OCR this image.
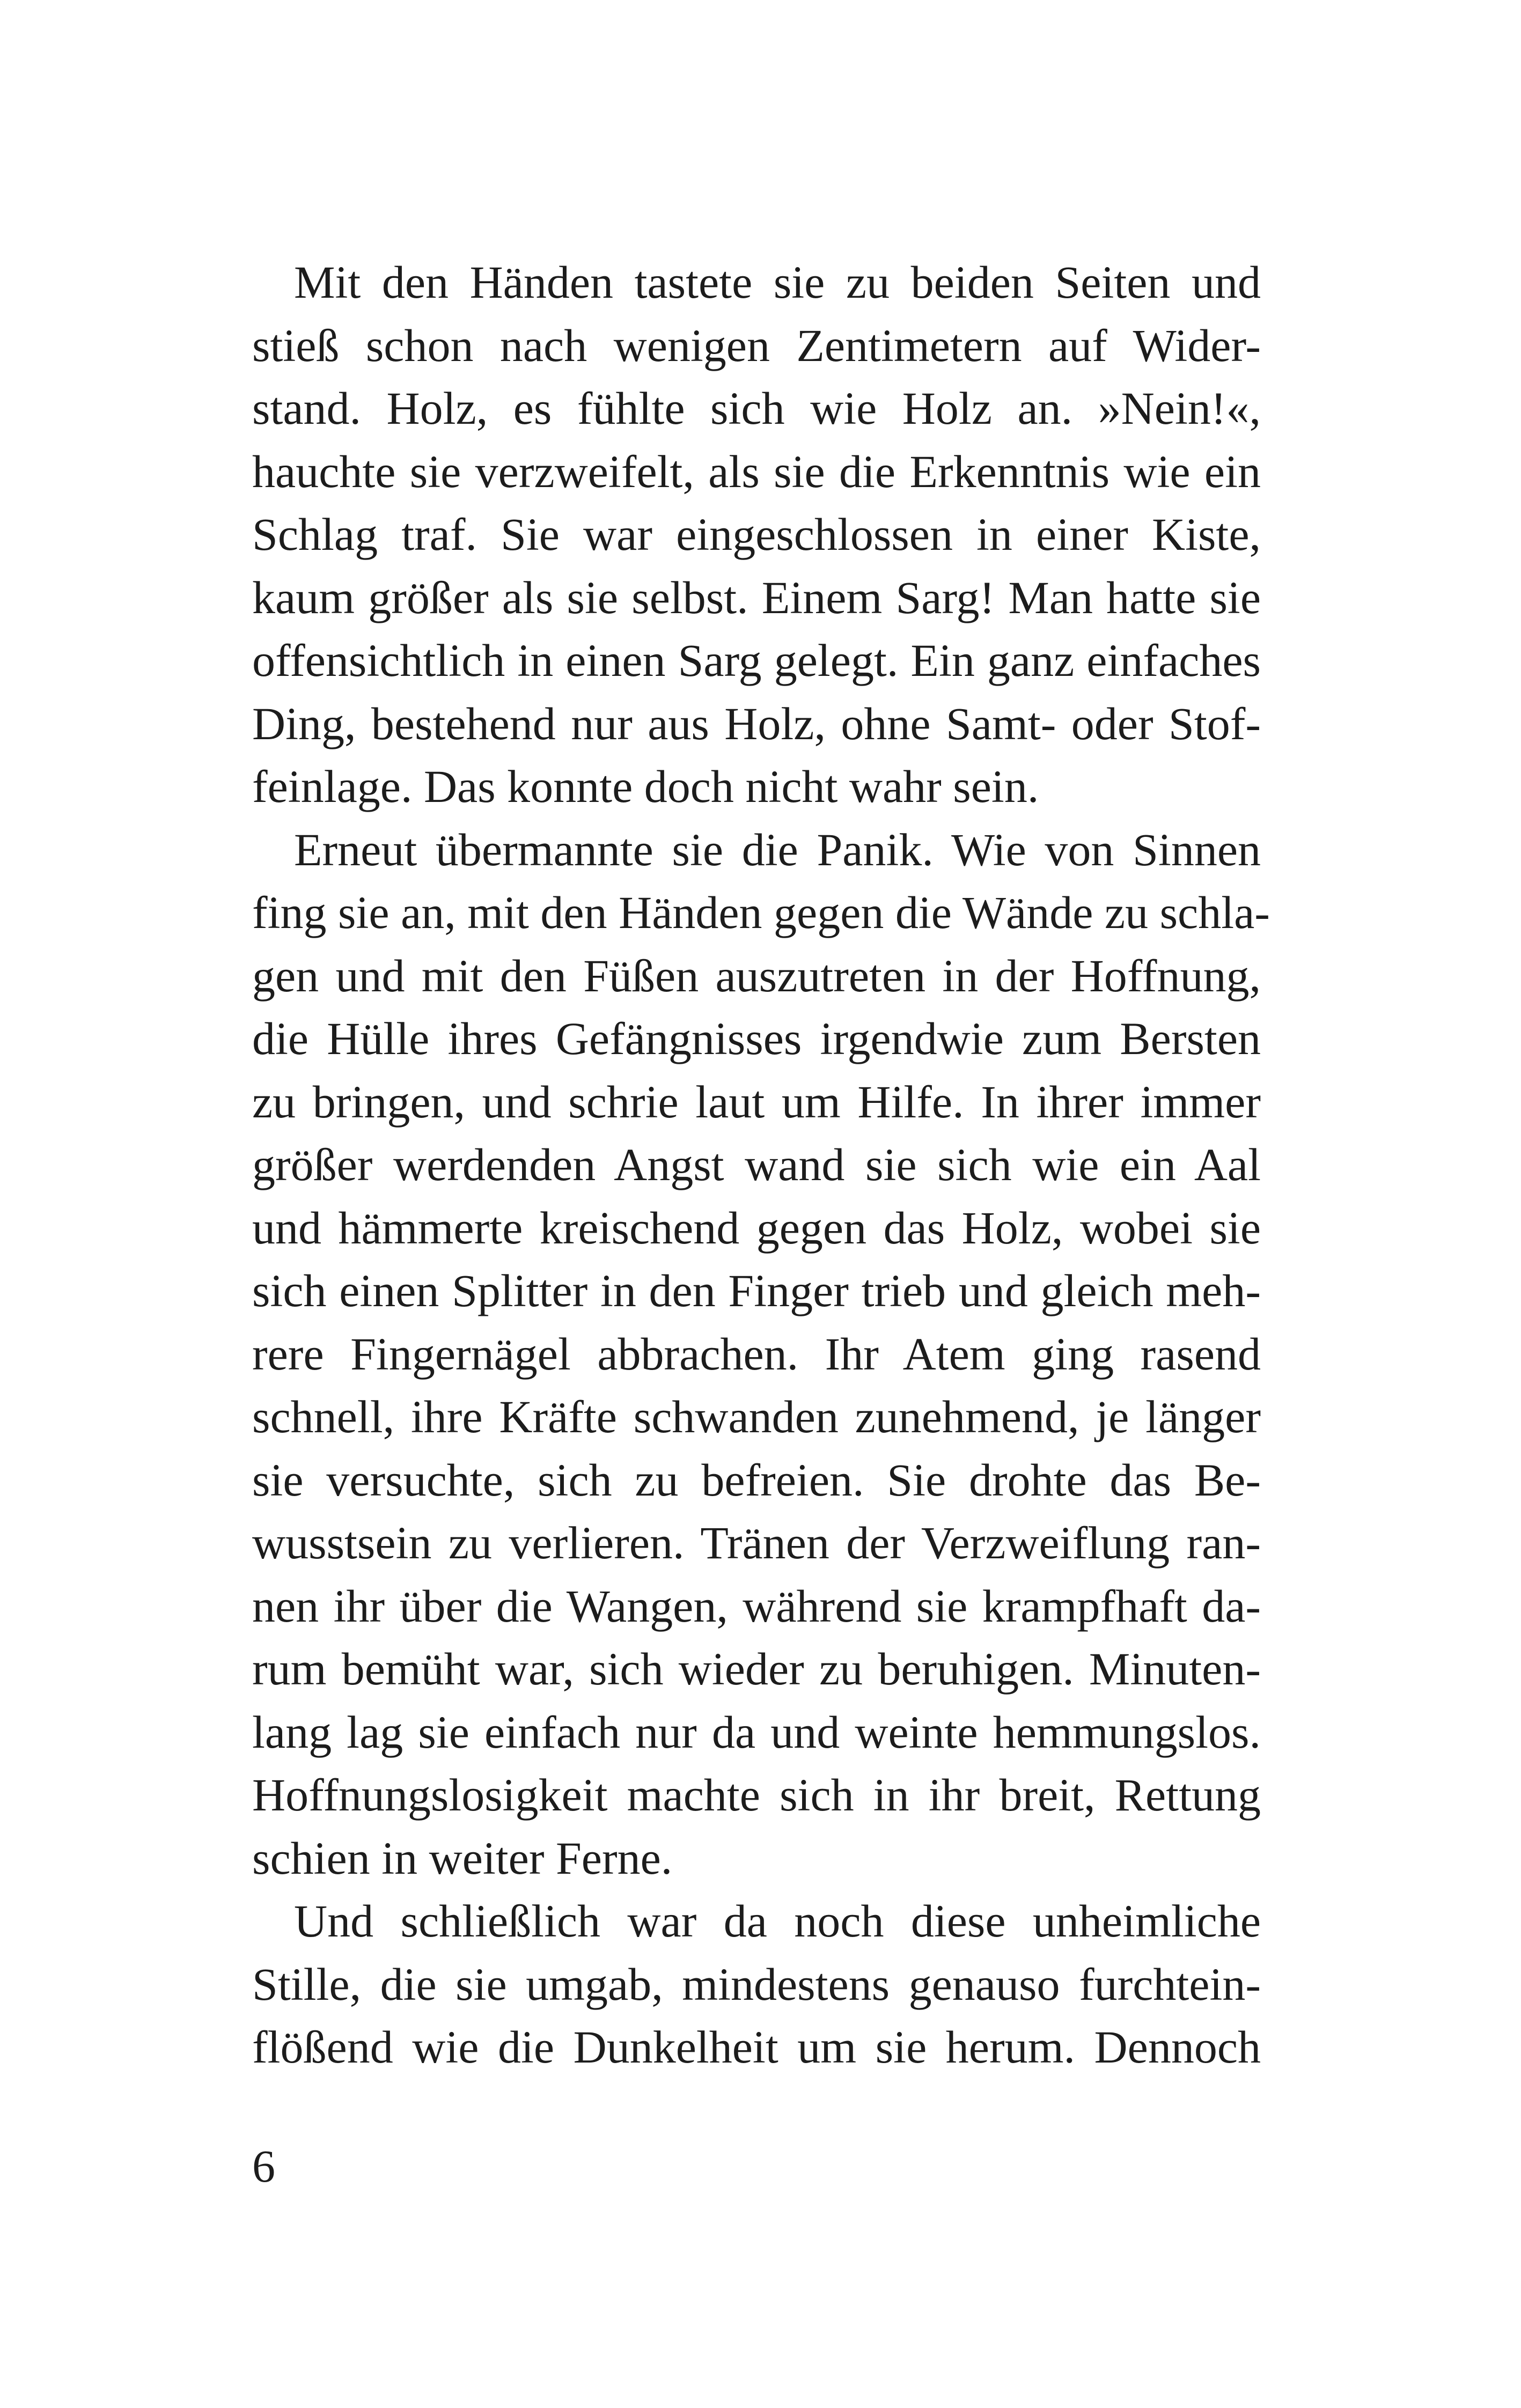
Mit den Händen tastete sie zu beiden Seiten und
stieß schon nach wenigen Zentimetern auf Wider-
stand. Holz, es fühlte sich wie Holz an. »Nein!«,
hauchte sie verzweifelt, als sie die Erkenntnis wie ein
Schlag traf. Sie war eingeschlossen in einer Kiste,
kaum größer als sie selbst. Einem Sarg! Man hatte sie
offensichtlich in einen Sarg gelegt. Ein ganz einfaches
Ding, bestehend nur aus Holz, ohne Samt- oder Stof-
feinlage. Das konnte doch nicht wahr sein.
Erneut übermannte sie die Panik. Wie von Sinnen
fing sie an, mit den Händen gegen die Wände zu schla-
gen und mit den Füßen auszutreten in der Hoffnung,
die Hülle ihres Gefängnisses irgendwie zum Bersten
zu bringen, und schrie laut um Hilfe. In ihrer immer
größer werdenden Angst wand sie sich wie ein Aal
und hämmerte kreischend gegen das Holz, wobei sie
sich einen Splitter in den Finger trieb und gleich meh-
rere Fingernägel abbrachen. Ihr Atem ging rasend
schnell, ihre Kräfte schwanden zunehmend, je länger
sie versuchte, sich zu befreien. Sie drohte das Be-
wusstsein zu verlieren. Tränen der Verzweiflung ran-
nen ihr über die Wangen, während sie krampfhaft da-
rum bemüht war, sich wieder zu beruhigen. Minuten-
lang lag sie einfach nur da und weinte hemmungslos.
Hoffnungslosigkeit machte sich in ihr breit, Rettung
schien in weiter Ferne.
Und schließlich war da noch diese unheimliche
Stille, die sie umgab, mindestens genauso furchtein-
flößend wie die Dunkelheit um sie herum. Dennoch
6
